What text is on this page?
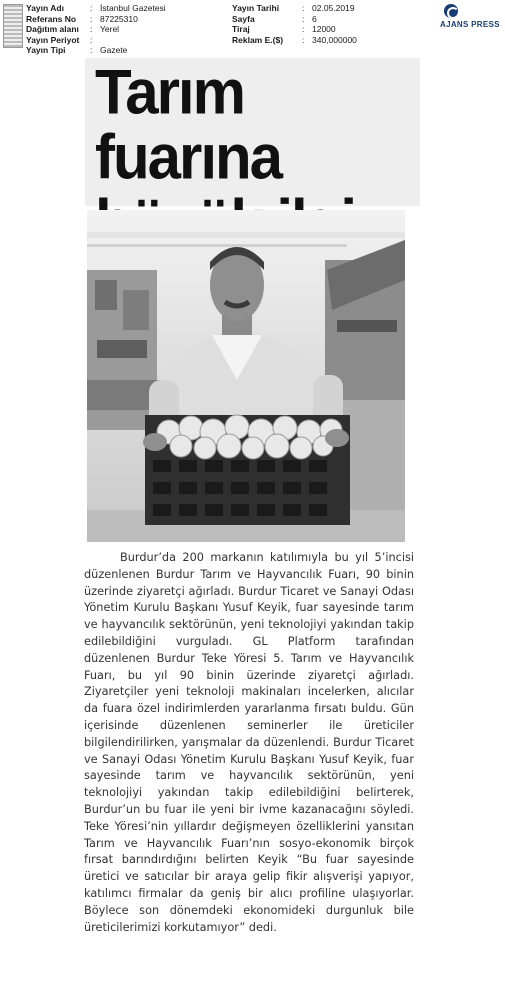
Yayın Adı	: İstanbul Gazetesi
Referans No	: 87225310
Dağıtım alanı	: Yerel
Yayın Periyot	:
Yayın Tipi	: Gazete
Yayın Tarihi	: 02.05.2019
Sayfa	: 6
Tiraj	: 12000
Reklam E.($)	: 340,000000
AJANS PRESS
Tarım fuarına
Burdur’da 200 markanın katılımıyla bu yıl 5’incisi düzenlenen Burdur Tarım ve Hayvancılık Fuarı, 90 binin üzerinde ziyaretçi ağırladı. Burdur Ticaret ve Sanayi Odası Yönetim Kurulu Başkanı Yusuf Keyik, fuar sayesinde tarım ve hayvancılık sektörünün, yeni teknolojiyi yakından takip edilebildiğini vurguladı. GL Platform tarafından düzenlenen Burdur Teke Yöresi 5. Tarım ve Hayvancılık Fuarı, bu yıl 90 binin üzerinde ziyaretçi ağırladı. Ziyaretçiler yeni teknoloji makinaları incelerken, alıcılar da fuara özel indirimlerden yararlanma fırsatı buldu. Gün içerisinde düzenlenen seminerler ile üreticiler bilgilendirilirken, yarışmalar da düzenlendi. Burdur Ticaret ve Sanayi Odası Yönetim Kurulu Başkanı Yusuf Keyik, fuar sayesinde tarım ve hayvancılık sektörünün, yeni teknolojiyi yakından takip edilebildiğini belirterek, Burdur’un bu fuar ile yeni bir ivme kazanacağını söyledi. Teke Yöresi’nin yıllardır değişmeyen özelliklerini yansıtan Tarım ve Hayvancılık Fuarı’nın sosyo-ekonomik birçok fırsat barındırdığını belirten Keyik “Bu fuar sayesinde üretici ve satıcılar bir araya gelip fikir alışverişi yapıyor, katılımcı firmalar da geniş bir alıcı profiline ulaşıyorlar. Böylece son dönemdeki ekonomideki durgunluk bile üreticilerimizi korkutamıyor” dedi.
